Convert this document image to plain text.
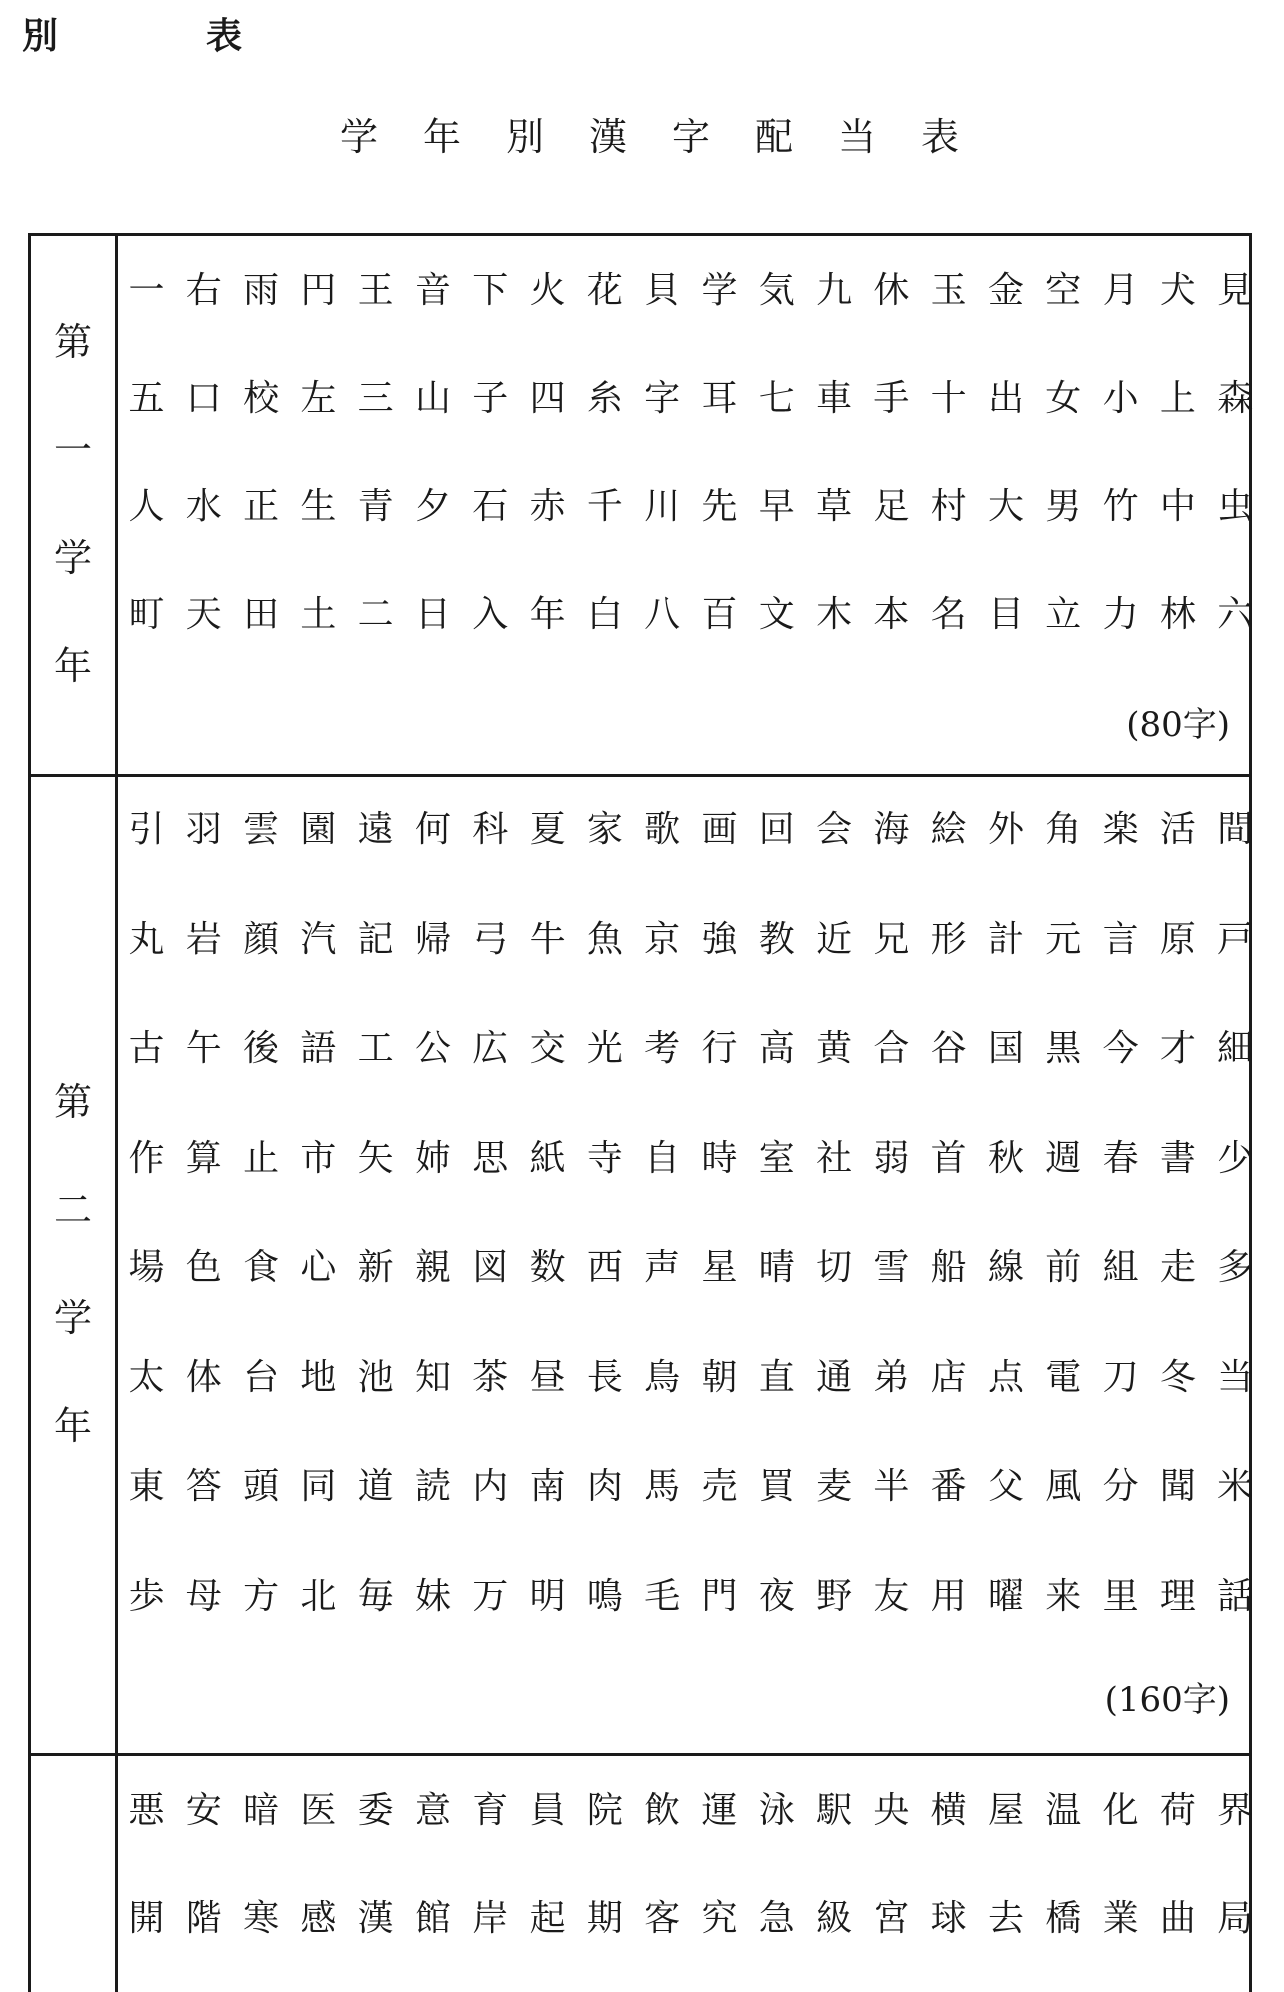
別　表
学年別漢字配当表
第
一
学
年
一 右 雨 円 王 音 下 火 花 貝 学 気 九 休 玉 金 空 月 犬 見
五 口 校 左 三 山 子 四 糸 字 耳 七 車 手 十 出 女 小 上 森
人 水 正 生 青 夕 石 赤 千 川 先 早 草 足 村 大 男 竹 中 虫
町 天 田 土 二 日 入 年 白 八 百 文 木 本 名 目 立 力 林 六
(80字)
第
二
学
年
引 羽 雲 園 遠 何 科 夏 家 歌 画 回 会 海 絵 外 角 楽 活 間
丸 岩 顔 汽 記 帰 弓 牛 魚 京 強 教 近 兄 形 計 元 言 原 戸
古 午 後 語 工 公 広 交 光 考 行 高 黄 合 谷 国 黒 今 才 細
作 算 止 市 矢 姉 思 紙 寺 自 時 室 社 弱 首 秋 週 春 書 少
場 色 食 心 新 親 図 数 西 声 星 晴 切 雪 船 線 前 組 走 多
太 体 台 地 池 知 茶 昼 長 鳥 朝 直 通 弟 店 点 電 刀 冬 当
東 答 頭 同 道 読 内 南 肉 馬 売 買 麦 半 番 父 風 分 聞 米
歩 母 方 北 毎 妹 万 明 鳴 毛 門 夜 野 友 用 曜 来 里 理 話
(160字)
悪 安 暗 医 委 意 育 員 院 飲 運 泳 駅 央 横 屋 温 化 荷 界
開 階 寒 感 漢 館 岸 起 期 客 究 急 級 宮 球 去 橋 業 曲 局
